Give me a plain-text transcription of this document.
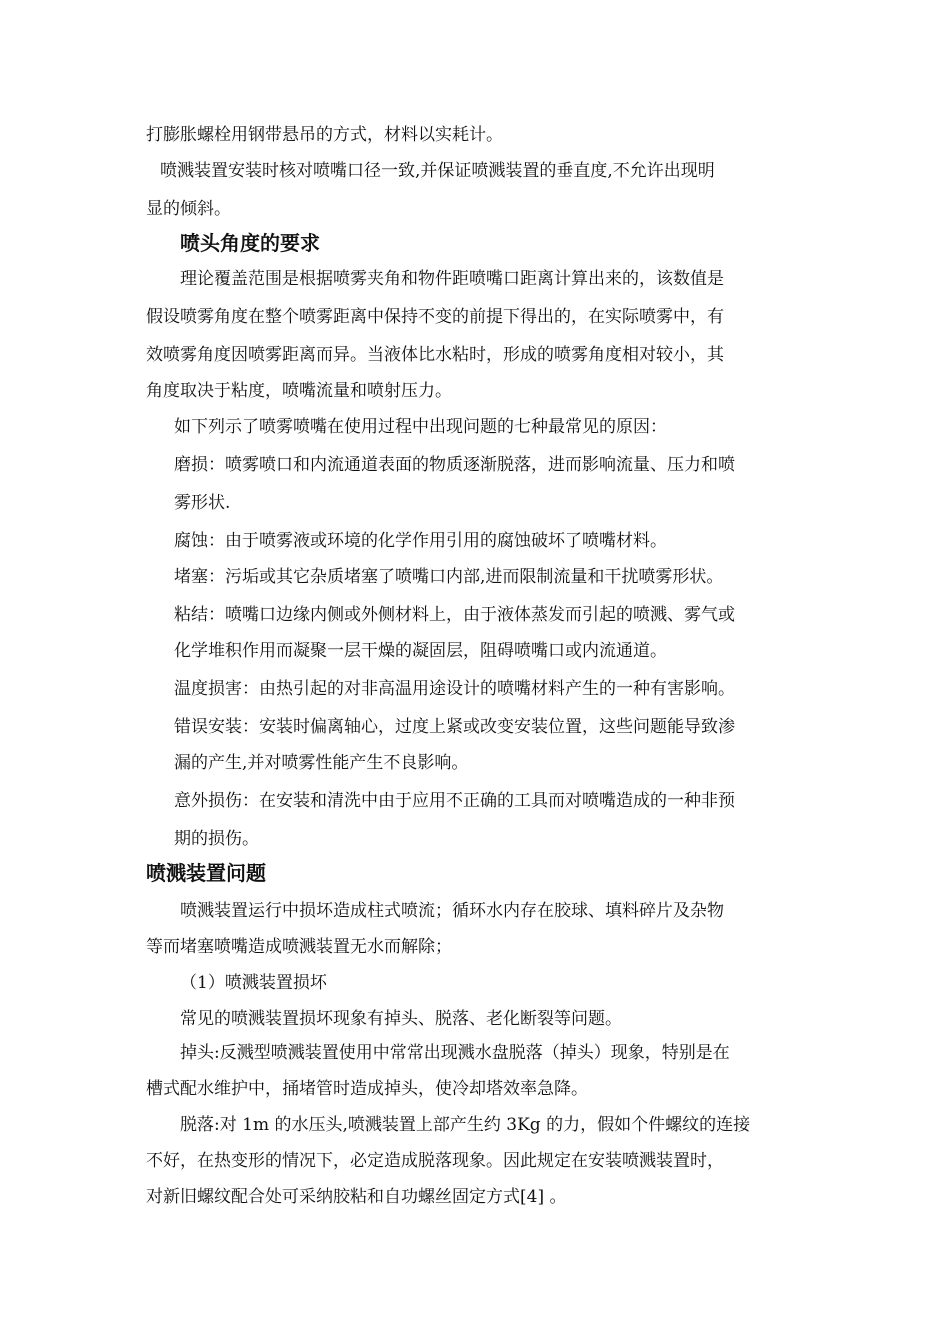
打膨胀螺栓用钢带悬吊的方式，材料以实耗计。
喷溅装置安装时核对喷嘴口径一致,并保证喷溅装置的垂直度,不允许出现明
显的倾斜。
喷头角度的要求
理论覆盖范围是根据喷雾夹角和物件距喷嘴口距离计算出来的，该数值是
假设喷雾角度在整个喷雾距离中保持不变的前提下得出的，在实际喷雾中，有
效喷雾角度因喷雾距离而异。当液体比水粘时，形成的喷雾角度相对较小，其
角度取决于粘度，喷嘴流量和喷射压力。
如下列示了喷雾喷嘴在使用过程中出现问题的七种最常见的原因：
磨损：喷雾喷口和内流通道表面的物质逐渐脱落，进而影响流量、压力和喷
雾形状.
腐蚀：由于喷雾液或环境的化学作用引用的腐蚀破坏了喷嘴材料。
堵塞：污垢或其它杂质堵塞了喷嘴口内部,进而限制流量和干扰喷雾形状。
粘结：喷嘴口边缘内侧或外侧材料上，由于液体蒸发而引起的喷溅、雾气或
化学堆积作用而凝聚一层干燥的凝固层，阻碍喷嘴口或内流通道。
温度损害：由热引起的对非高温用途设计的喷嘴材料产生的一种有害影响。
错误安装：安装时偏离轴心，过度上紧或改变安装位置，这些问题能导致渗
漏的产生,并对喷雾性能产生不良影响。
意外损伤：在安装和清洗中由于应用不正确的工具而对喷嘴造成的一种非预
期的损伤。
喷溅装置问题
喷溅装置运行中损坏造成柱式喷流；循环水内存在胶球、填料碎片及杂物
等而堵塞喷嘴造成喷溅装置无水而解除；
（1）喷溅装置损坏
常见的喷溅装置损坏现象有掉头、脱落、老化断裂等问题。
掉头:反溅型喷溅装置使用中常常出现溅水盘脱落（掉头）现象，特别是在
槽式配水维护中，捅堵管时造成掉头，使冷却塔效率急降。
脱落:对 1m 的水压头,喷溅装置上部产生约 3Kg 的力，假如个件螺纹的连接
不好，在热变形的情况下，必定造成脱落现象。因此规定在安装喷溅装置时，
对新旧螺纹配合处可采纳胶粘和自功螺丝固定方式[4] 。
